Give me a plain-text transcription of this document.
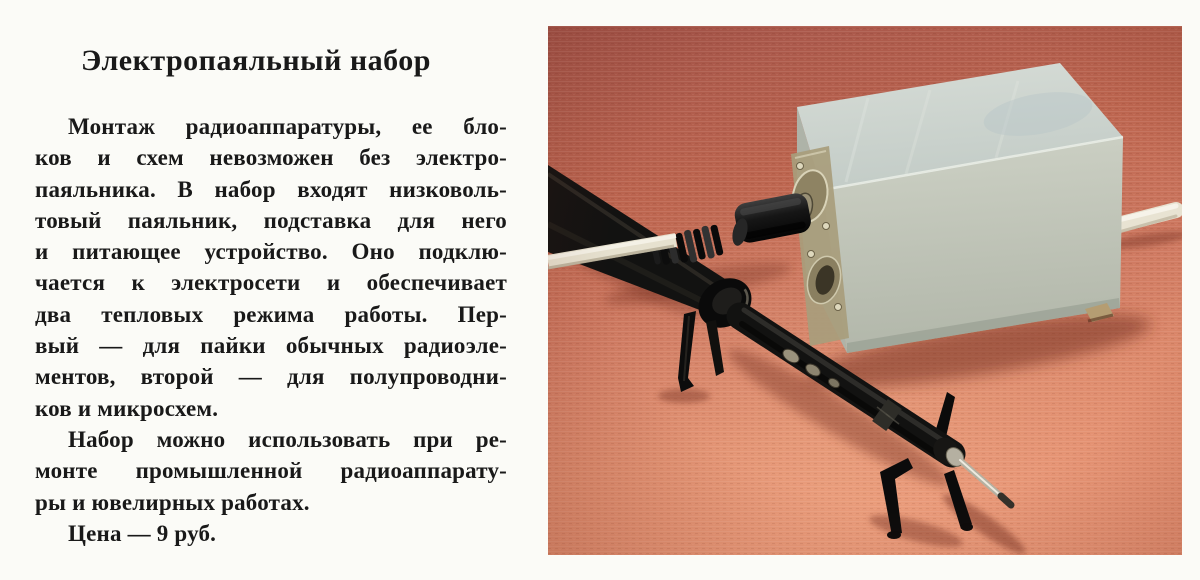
Электропаяльный набор
Монтаж радиоаппаратуры, ее бло-
ков и схем невозможен без электро-
паяльника. В набор входят низковоль-
товый паяльник, подставка для него
и питающее устройство. Оно подклю-
чается к электросети и обеспечивает
два тепловых режима работы. Пер-
вый — для пайки обычных радиоэле-
ментов, второй — для полупроводни-
ков и микросхем.
Набор можно использовать при ре-
монте промышленной радиоаппарату-
ры и ювелирных работах.
Цена — 9 руб.
